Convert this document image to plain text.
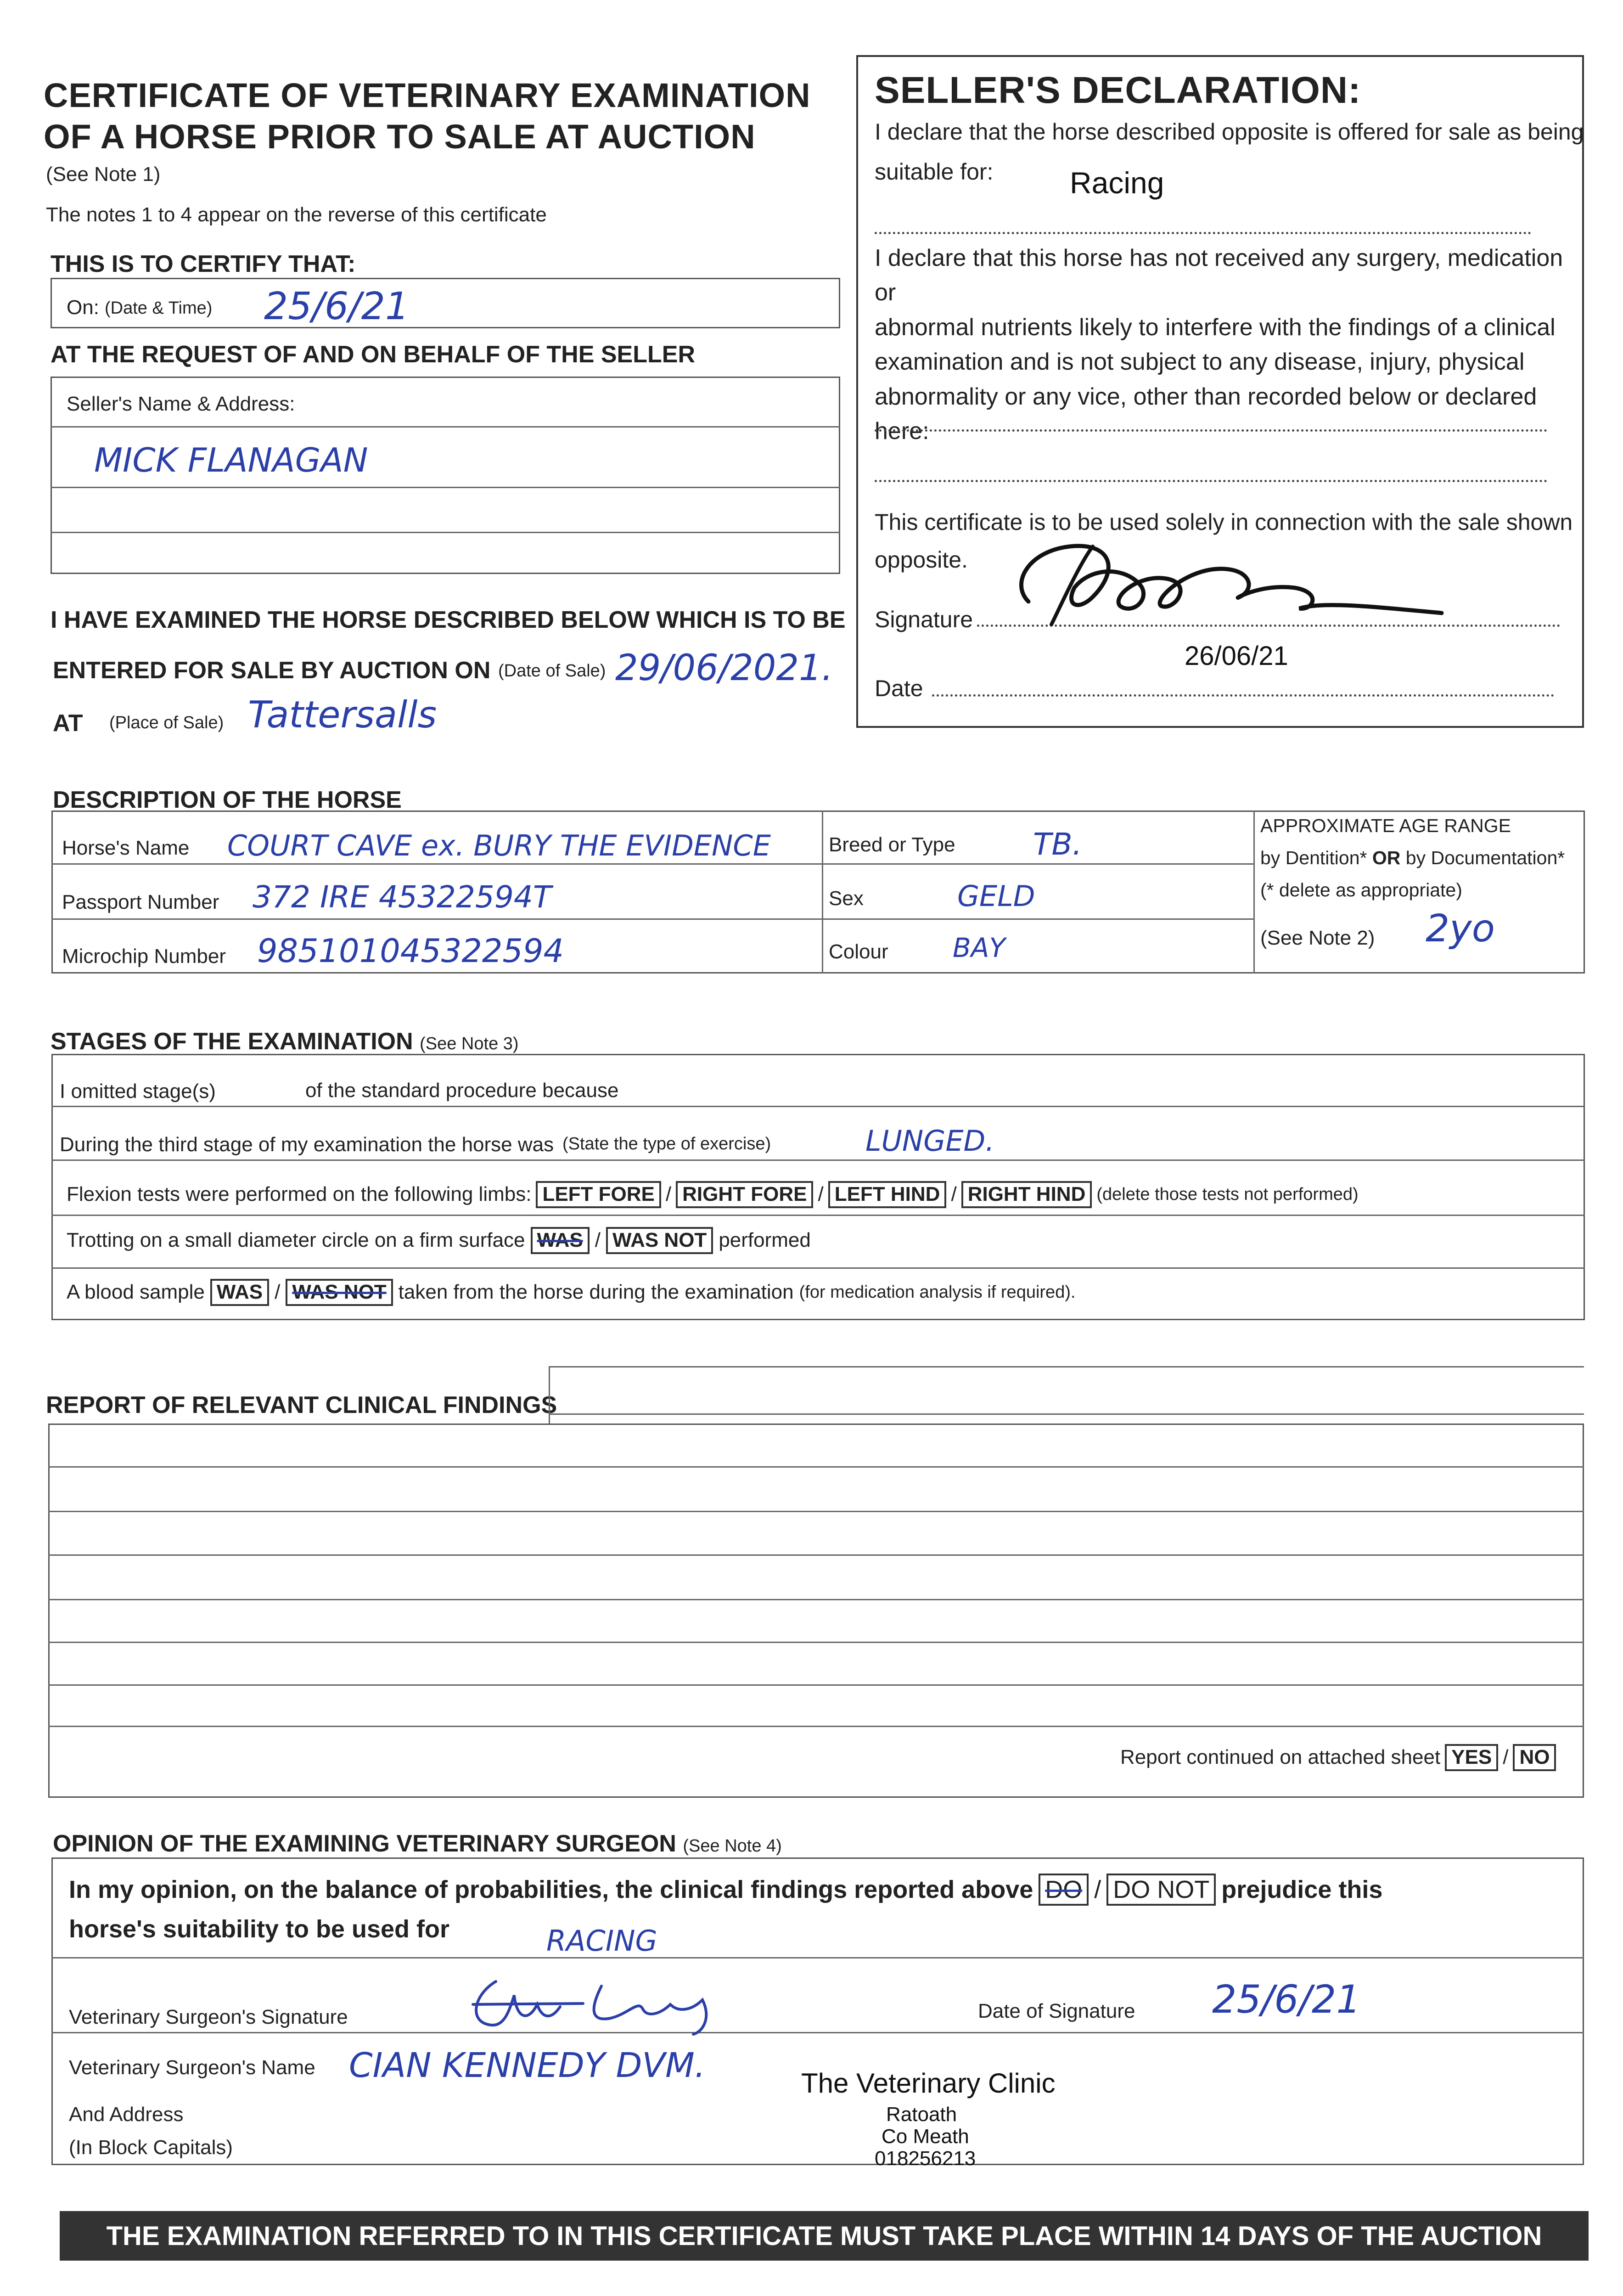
CERTIFICATE OF VETERINARY EXAMINATION
OF A HORSE PRIOR TO SALE AT AUCTION
(See Note 1)
The notes 1 to 4 appear on the reverse of this certificate
THIS IS TO CERTIFY THAT:
On: (Date & Time) 25/6/21
AT THE REQUEST OF AND ON BEHALF OF THE SELLER
Seller's Name & Address:
MICK FLANAGAN
I HAVE EXAMINED THE HORSE DESCRIBED BELOW WHICH IS TO BE
ENTERED FOR SALE BY AUCTION ON (Date of Sale) 29/06/2021.
AT (Place of Sale) Tattersalls
SELLER'S DECLARATION:
I declare that the horse described opposite is offered for sale as being
suitable for:	Racing
I declare that this horse has not received any surgery, medication or
abnormal nutrients likely to interfere with the findings of a clinical
examination and is not subject to any disease, injury, physical
abnormality or any vice, other than recorded below or declared here:
This certificate is to be used solely in connection with the sale shown
opposite.
Signature
26/06/21
Date
DESCRIPTION OF THE HORSE
Horse's Name COURT CAVE ex. BURY THE EVIDENCE
Passport Number 372 IRE 45322594T
Microchip Number 985101045322594
Breed or Type	TB.
Sex	GELD
Colour BAY
APPROXIMATE AGE RANGE
by Dentition* OR by Documentation*
(* delete as appropriate)
(See Note 2) 2yo
STAGES OF THE EXAMINATION (See Note 3)
I omitted stage(s)	of the standard procedure because
During the third stage of my examination the horse was (State the type of exercise)	LUNGED.
Flexion tests were performed on the following limbs: LEFT FORE / RIGHT FORE / LEFT HIND / RIGHT HIND (delete those tests not performed)
Trotting on a small diameter circle on a firm surface WAS / WAS NOT performed
A blood sample WAS / WAS NOT taken from the horse during the examination (for medication analysis if required).
REPORT OF RELEVANT CLINICAL FINDINGS
Report continued on attached sheet YES / NO
OPINION OF THE EXAMINING VETERINARY SURGEON (See Note 4)
In my opinion, on the balance of probabilities, the clinical findings reported above DO / DO NOT prejudice this
horse's suitability to be used for	RACING
Veterinary Surgeon's Signature	Date of Signature 25/6/21
Veterinary Surgeon's Name CIAN KENNEDY DVM.
And Address
(In Block Capitals)
The Veterinary Clinic
Ratoath
Co Meath
018256213
THE EXAMINATION REFERRED TO IN THIS CERTIFICATE MUST TAKE PLACE WITHIN 14 DAYS OF THE AUCTION
